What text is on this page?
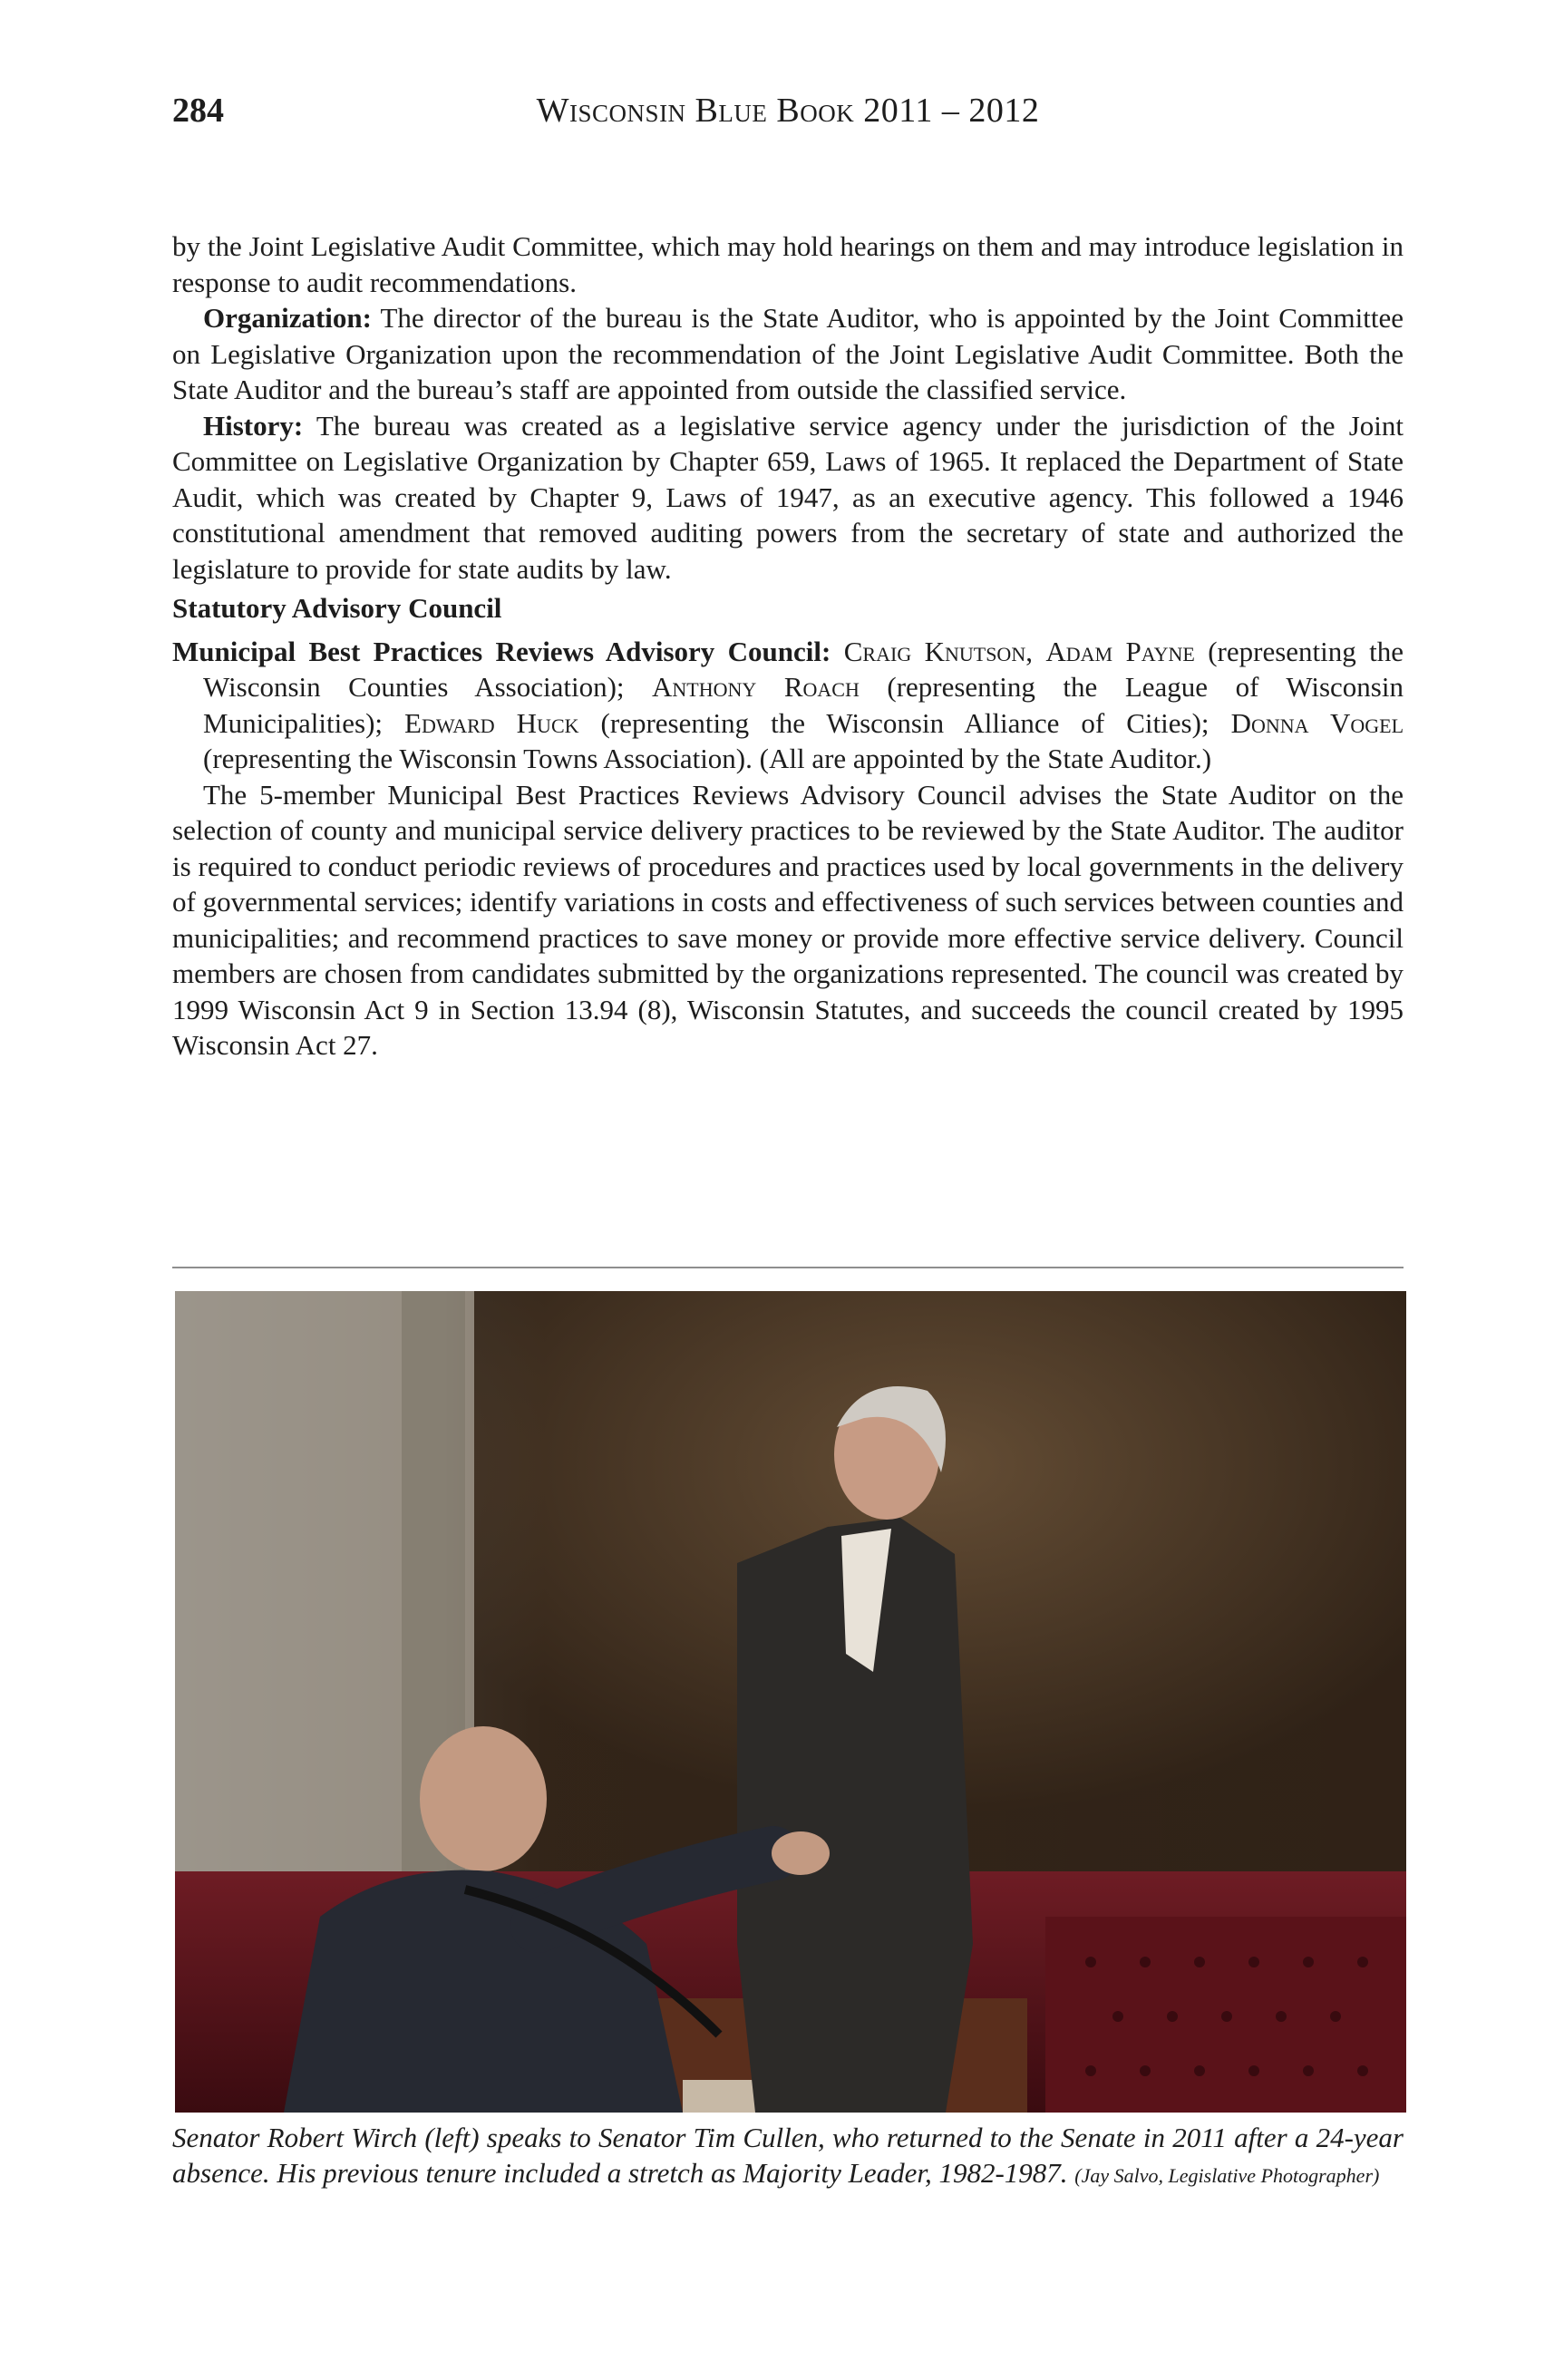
284	Wisconsin Blue Book 2011 – 2012

by the Joint Legislative Audit Committee, which may hold hearings on them and may introduce legislation in response to audit recommendations.

Organization: The director of the bureau is the State Auditor, who is appointed by the Joint Committee on Legislative Organization upon the recommendation of the Joint Legislative Audit Committee. Both the State Auditor and the bureau’s staff are appointed from outside the classified service.

History: The bureau was created as a legislative service agency under the jurisdiction of the Joint Committee on Legislative Organization by Chapter 659, Laws of 1965. It replaced the Department of State Audit, which was created by Chapter 9, Laws of 1947, as an executive agency. This followed a 1946 constitutional amendment that removed auditing powers from the secretary of state and authorized the legislature to provide for state audits by law.

Statutory Advisory Council

Municipal Best Practices Reviews Advisory Council: Craig Knutson, Adam Payne (representing the Wisconsin Counties Association); Anthony Roach (representing the League of Wisconsin Municipalities); Edward Huck (representing the Wisconsin Alliance of Cities); Donna Vogel (representing the Wisconsin Towns Association). (All are appointed by the State Auditor.)

The 5-member Municipal Best Practices Reviews Advisory Council advises the State Auditor on the selection of county and municipal service delivery practices to be reviewed by the State Auditor. The auditor is required to conduct periodic reviews of procedures and practices used by local governments in the delivery of governmental services; identify variations in costs and effectiveness of such services between counties and municipalities; and recommend practices to save money or provide more effective service delivery. Council members are chosen from candidates submitted by the organizations represented. The council was created by 1999 Wisconsin Act 9 in Section 13.94 (8), Wisconsin Statutes, and succeeds the council created by 1995 Wisconsin Act 27.

Senator Robert Wirch (left) speaks to Senator Tim Cullen, who returned to the Senate in 2011 after a 24-year absence. His previous tenure included a stretch as Majority Leader, 1982-1987. (Jay Salvo, Legislative Photographer)
